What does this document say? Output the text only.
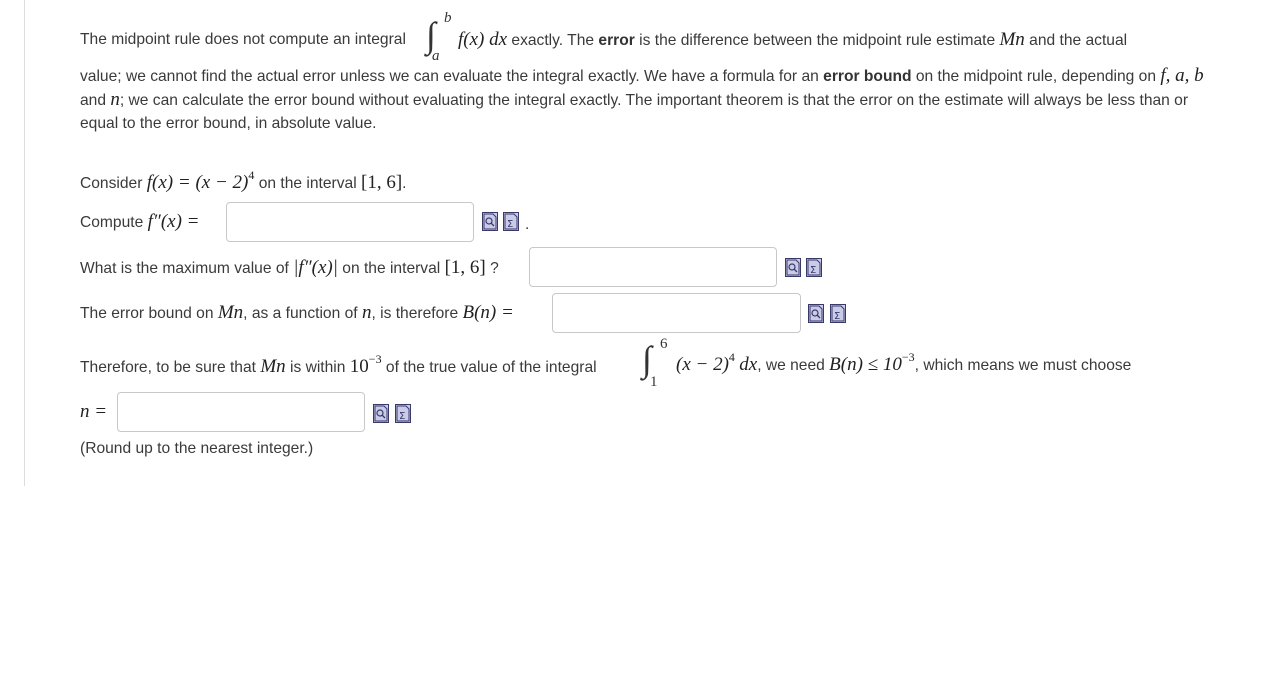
The midpoint rule does not compute an integral ∫ b
a
f(x) dx exactly. The error is the difference between the midpoint rule estimate Mn and the actual
value; we cannot find the actual error unless we can evaluate the integral exactly. We have a formula for an error bound on the midpoint rule, depending on f, a, b and n; we can calculate the error bound without evaluating the integral exactly. The important theorem is that the error on the estimate will always be less than or equal to the error bound, in absolute value.
Consider $f(x) = (x - 2)^4$ on the interval [1, 6].
Compute f″(x) =	Σ .
What is the maximum value of |f″(x)| on the interval [1, 6] ?	Σ
The error bound on Mn, as a function of n, is therefore B(n) =	Σ
Therefore, to be sure that Mn is within $10^{-3}$ of the true value of the integral ∫ 6
1
$(x - 2)^4$ dx, we need $B(n) \le 10^{-3}$, which means we must choose
n =	Σ
(Round up to the nearest integer.)
